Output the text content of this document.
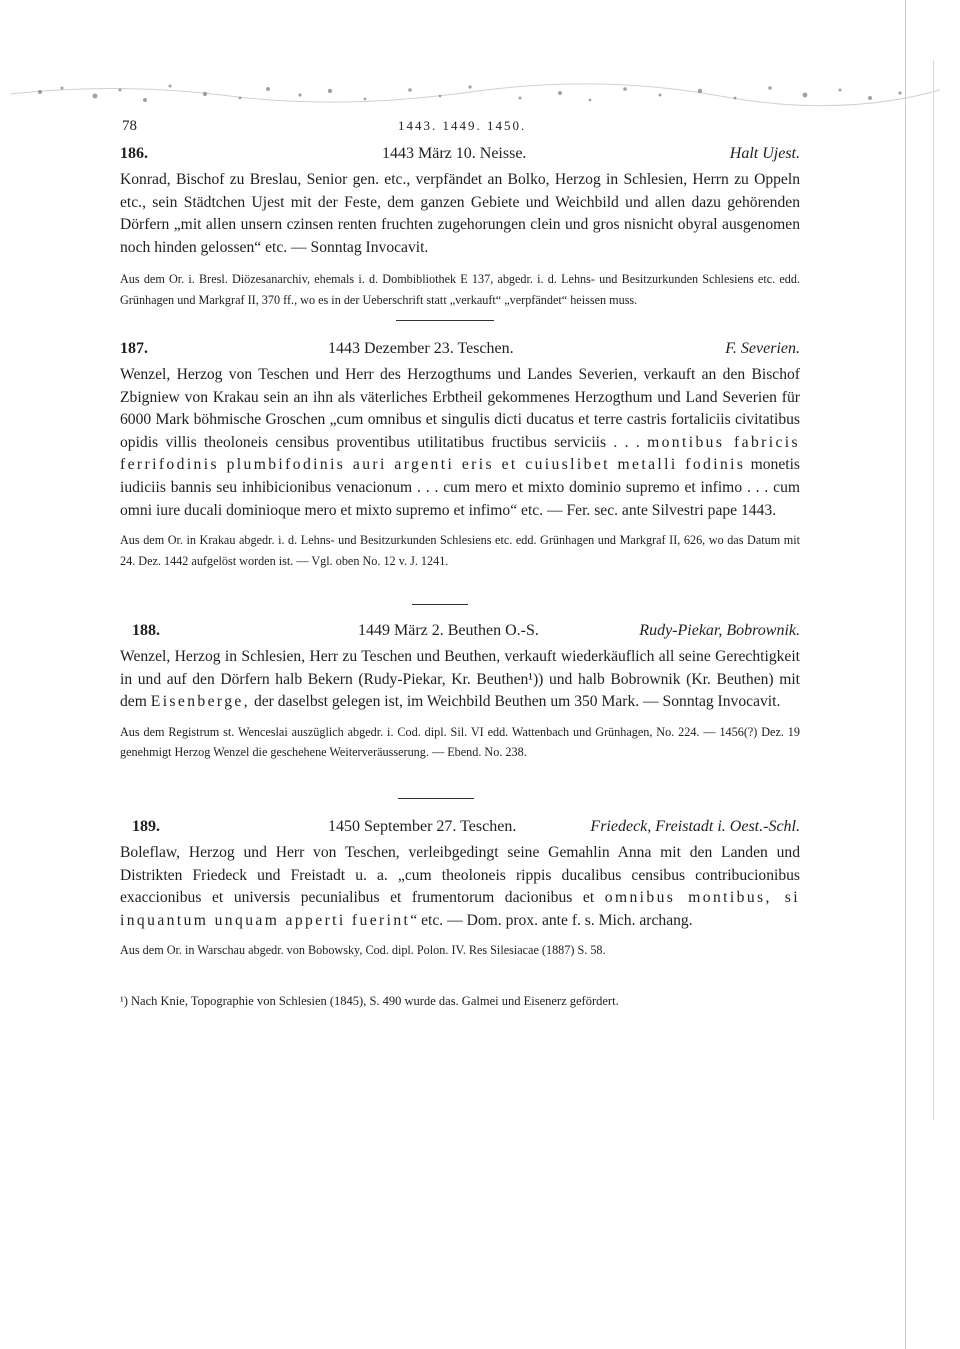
78	1443. 1449. 1450.
186.	1443 März 10. Neisse.	Halt Ujest.

Konrad, Bischof zu Breslau, Senior gen. etc., verpfändet an Bolko, Herzog in Schlesien, Herrn zu Oppeln etc., sein Städtchen Ujest mit der Feste, dem ganzen Gebiete und Weichbild und allen dazu gehörenden Dörfern „mit allen unsern czinsen renten fruchten zugehorungen clein und gros nisnicht obyral ausgenomen noch hinden gelossen“ etc. — Sonntag Invocavit.

Aus dem Or. i. Bresl. Diözesanarchiv, ehemals i. d. Dombibliothek E 137, abgedr. i. d. Lehns- und Besitzurkunden Schlesiens etc. edd. Grünhagen und Markgraf II, 370 ff., wo es in der Ueberschrift statt „verkauft“ „verpfändet“ heissen muss.

187.	1443 Dezember 23. Teschen.	F. Severien.

Wenzel, Herzog von Teschen und Herr des Herzogthums und Landes Severien, verkauft an den Bischof Zbigniew von Krakau sein an ihn als väterliches Erbtheil gekommenes Herzogthum und Land Severien für 6000 Mark böhmische Groschen „cum omnibus et singulis dicti ducatus et terre castris fortaliciis civitatibus opidis villis theoloneis censibus proventibus utilitatibus fructibus serviciis . . . montibus fabricis ferrifodinis plumbifodinis auri argenti eris et cuiuslibet metalli fodinis monetis iudiciis bannis seu inhibicionibus venacionum . . . cum mero et mixto dominio supremo et infimo . . . cum omni iure ducali dominioque mero et mixto supremo et infimo“ etc. — Fer. sec. ante Silvestri pape 1443.

Aus dem Or. in Krakau abgedr. i. d. Lehns- und Besitzurkunden Schlesiens etc. edd. Grünhagen und Markgraf II, 626, wo das Datum mit 24. Dez. 1442 aufgelöst worden ist. — Vgl. oben No. 12 v. J. 1241.

188.	1449 März 2. Beuthen O.-S.	Rudy-Piekar, Bobrownik.

Wenzel, Herzog in Schlesien, Herr zu Teschen und Beuthen, verkauft wiederkäuflich all seine Gerechtigkeit in und auf den Dörfern halb Bekern (Rudy-Piekar, Kr. Beuthen¹)) und halb Bobrownik (Kr. Beuthen) mit dem Eisenberge, der daselbst gelegen ist, im Weichbild Beuthen um 350 Mark. — Sonntag Invocavit.

Aus dem Registrum st. Wenceslai auszüglich abgedr. i. Cod. dipl. Sil. VI edd. Wattenbach und Grünhagen, No. 224. — 1456(?) Dez. 19 genehmigt Herzog Wenzel die geschehene Weiterveräusserung. — Ebend. No. 238.

189.	1450 September 27. Teschen.	Friedeck, Freistadt i. Oest.-Schl.

Boleflaw, Herzog und Herr von Teschen, verleibgedingt seine Gemahlin Anna mit den Landen und Distrikten Friedeck und Freistadt u. a. „cum theoloneis rippis ducalibus censibus contribucionibus exaccionibus et universis pecunialibus et frumentorum dacionibus et omnibus montibus, si inquantum unquam apperti fuerint“ etc. — Dom. prox. ante f. s. Mich. archang.

Aus dem Or. in Warschau abgedr. von Bobowsky, Cod. dipl. Polon. IV. Res Silesiacae (1887) S. 58.

¹) Nach Knie, Topographie von Schlesien (1845), S. 490 wurde das. Galmei und Eisenerz gefördert.
